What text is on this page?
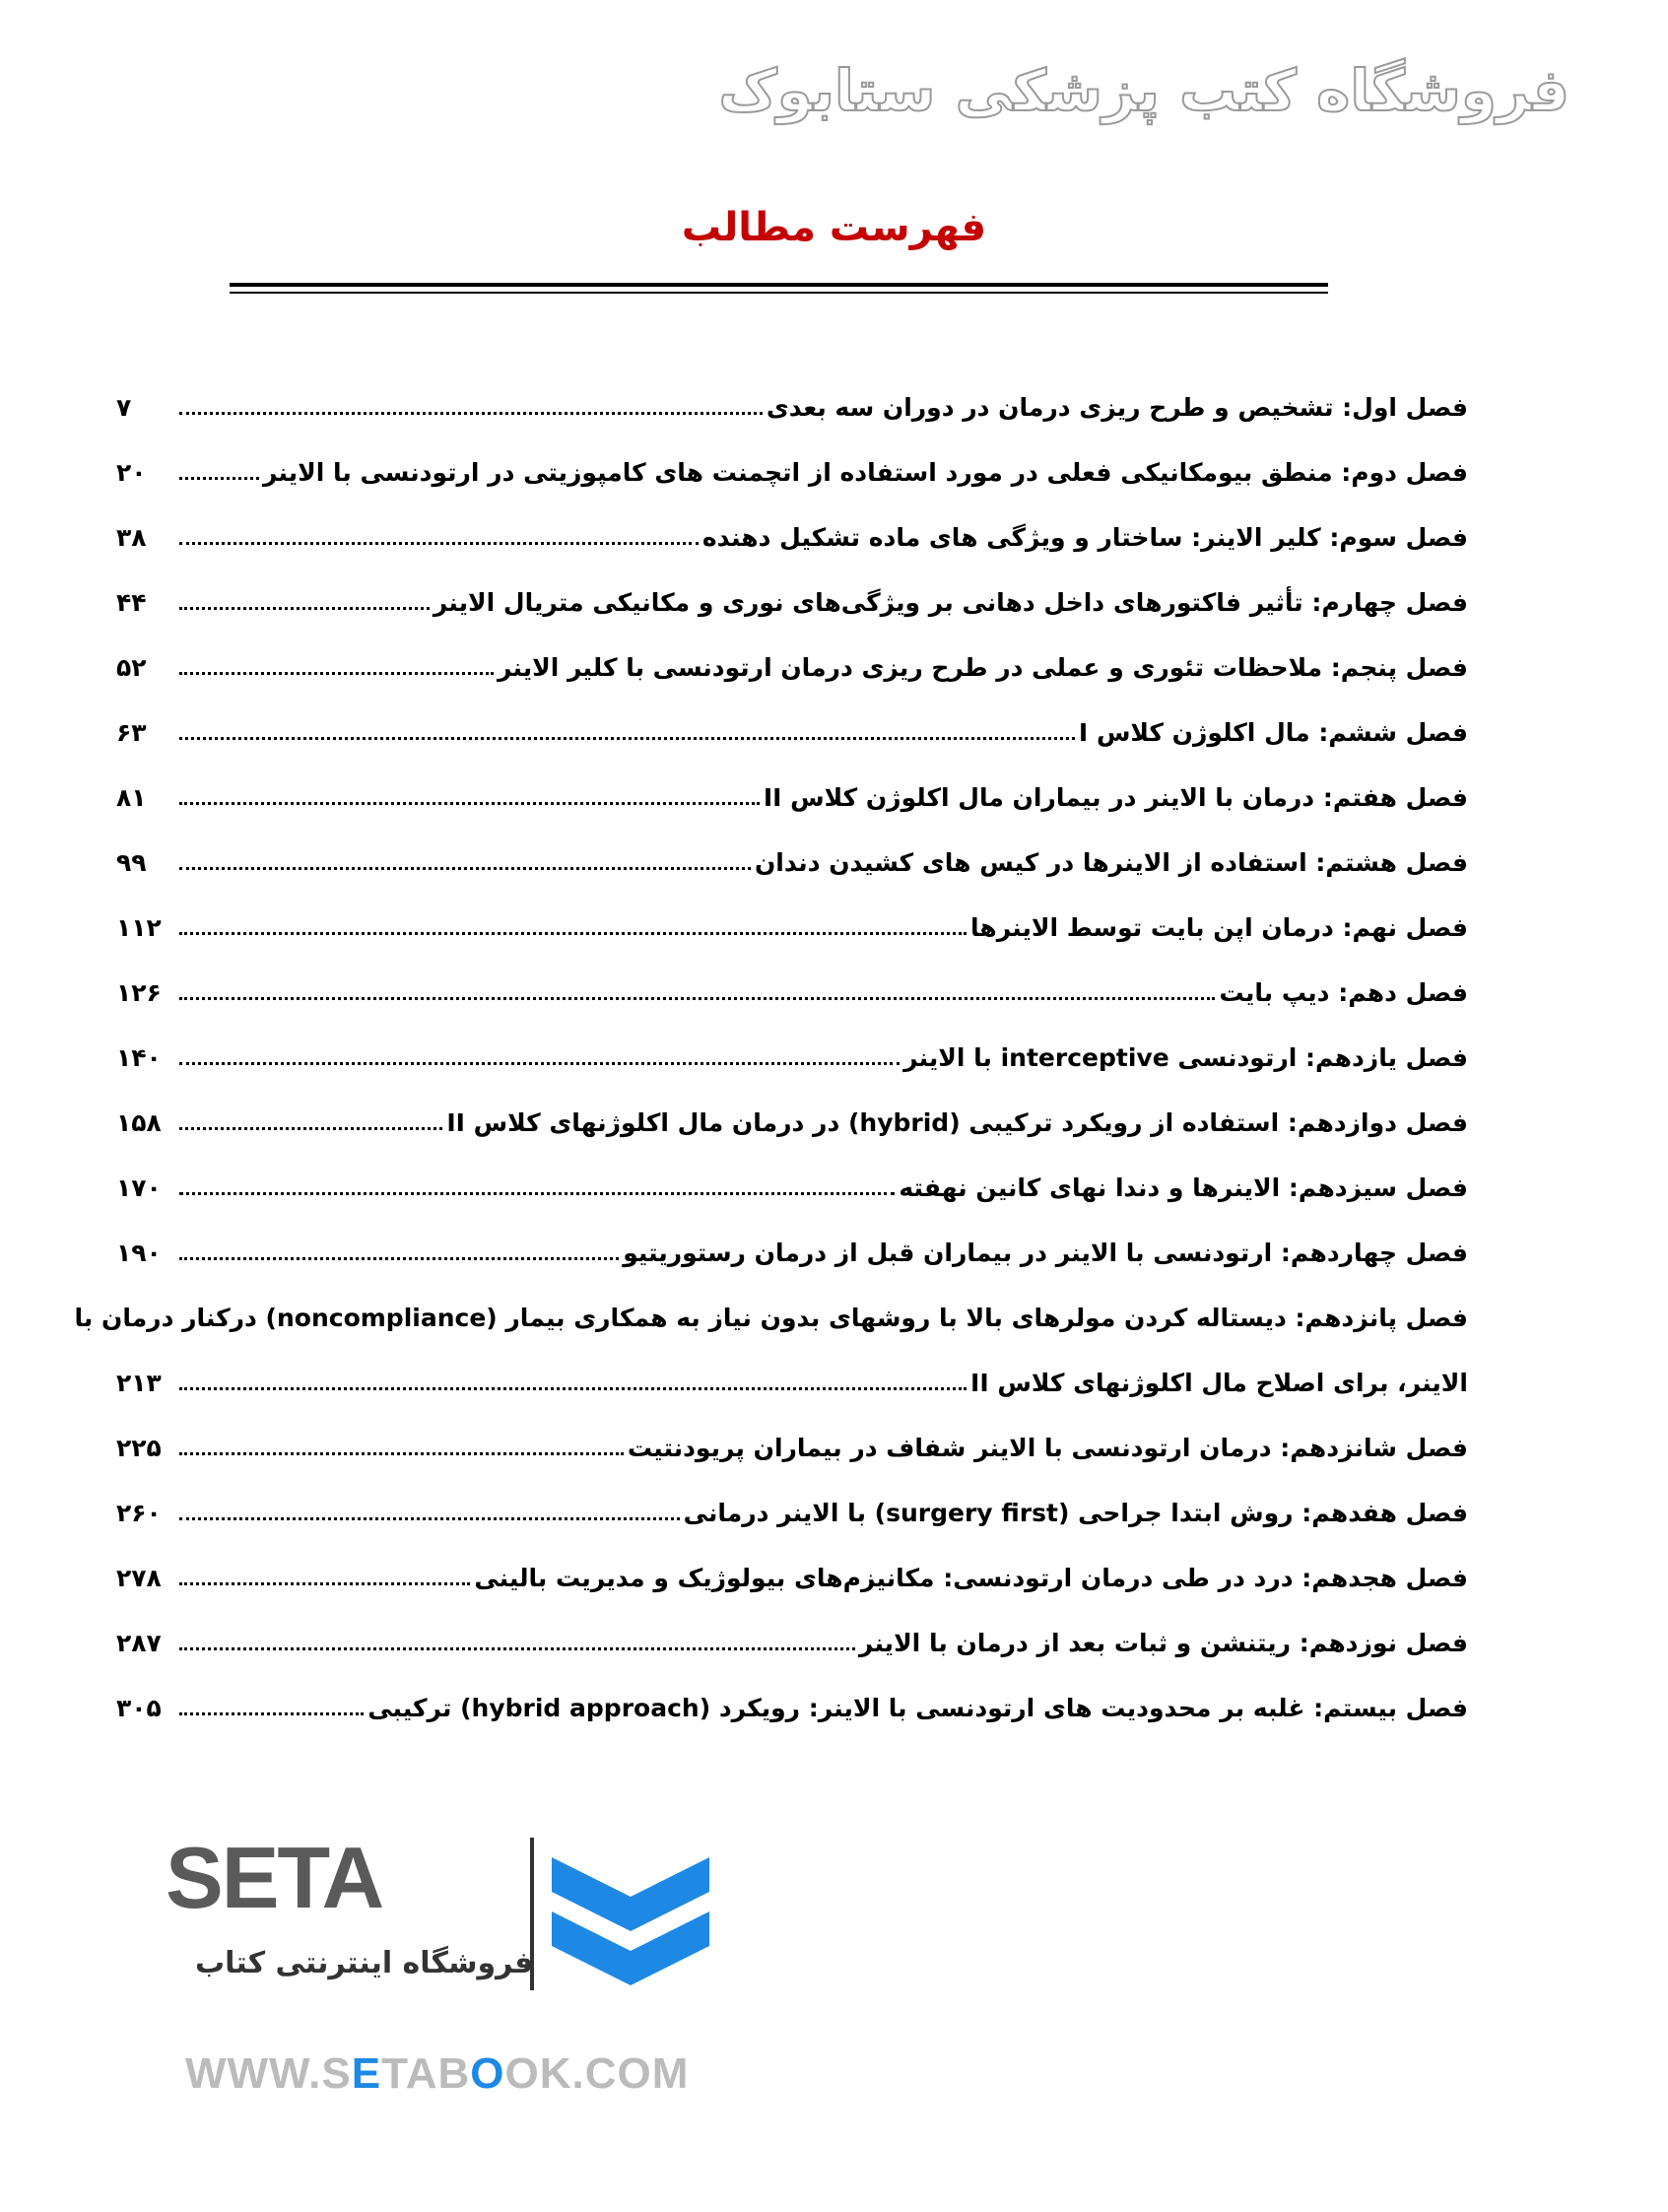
فروشگاه کتب پزشکی ستابوک
فهرست مطالب
فصل اول: تشخیص و طرح ریزی درمان در دوران سه بعدی
۷
فصل دوم: منطق بیومکانیکی فعلی در مورد استفاده از اتچمنت های کامپوزیتی در ارتودنسی با الاینر
۲۰
فصل سوم: کلیر الاینر: ساختار و ویژگی های ماده تشکیل دهنده
۳۸
فصل چهارم: تأثیر فاکتورهای داخل دهانی بر ویژگی‌های نوری و مکانیکی متریال الاینر
۴۴
فصل پنجم: ملاحظات تئوری و عملی در طرح ریزی درمان ارتودنسی با کلیر الاینر
۵۲
فصل ششم: مال اکلوژن کلاس I
۶۳
فصل هفتم: درمان با الاینر در بیماران مال اکلوژن کلاس II
۸۱
فصل هشتم: استفاده از الاینرها در کیس های کشیدن دندان
۹۹
فصل نهم: درمان اپن بایت توسط الاینرها
۱۱۲
فصل دهم: دیپ بایت
۱۲۶
فصل یازدهم: ارتودنسی interceptive با الاینر
۱۴۰
فصل دوازدهم: استفاده از رویکرد ترکیبی (hybrid) در درمان مال اکلوژنهای کلاس II
۱۵۸
فصل سیزدهم: الاینرها و دندا نهای کانین نهفته
۱۷۰
فصل چهاردهم: ارتودنسی با الاینر در بیماران قبل از درمان رستوریتیو
۱۹۰
فصل پانزدهم: دیستاله کردن مولرهای بالا با روشهای بدون نیاز به همکاری بیمار (noncompliance) درکنار درمان با
الاینر، برای اصلاح مال اکلوژنهای کلاس II
۲۱۳
فصل شانزدهم: درمان ارتودنسی با الاینر شفاف در بیماران پریودنتیت
۲۲۵
فصل هفدهم: روش ابتدا جراحی (surgery first) با الاینر درمانی
۲۶۰
فصل هجدهم: درد در طی درمان ارتودنسی: مکانیزم‌های بیولوژیک و مدیریت بالینی
۲۷۸
فصل نوزدهم: ریتنشن و ثبات بعد از درمان با الاینر
۲۸۷
فصل بیستم: غلبه بر محدودیت های ارتودنسی با الاینر: رویکرد (hybrid approach) ترکیبی
۳۰۵
SETA
فروشگاه اینترنتی کتاب
WWW.SETABOOK.COM
